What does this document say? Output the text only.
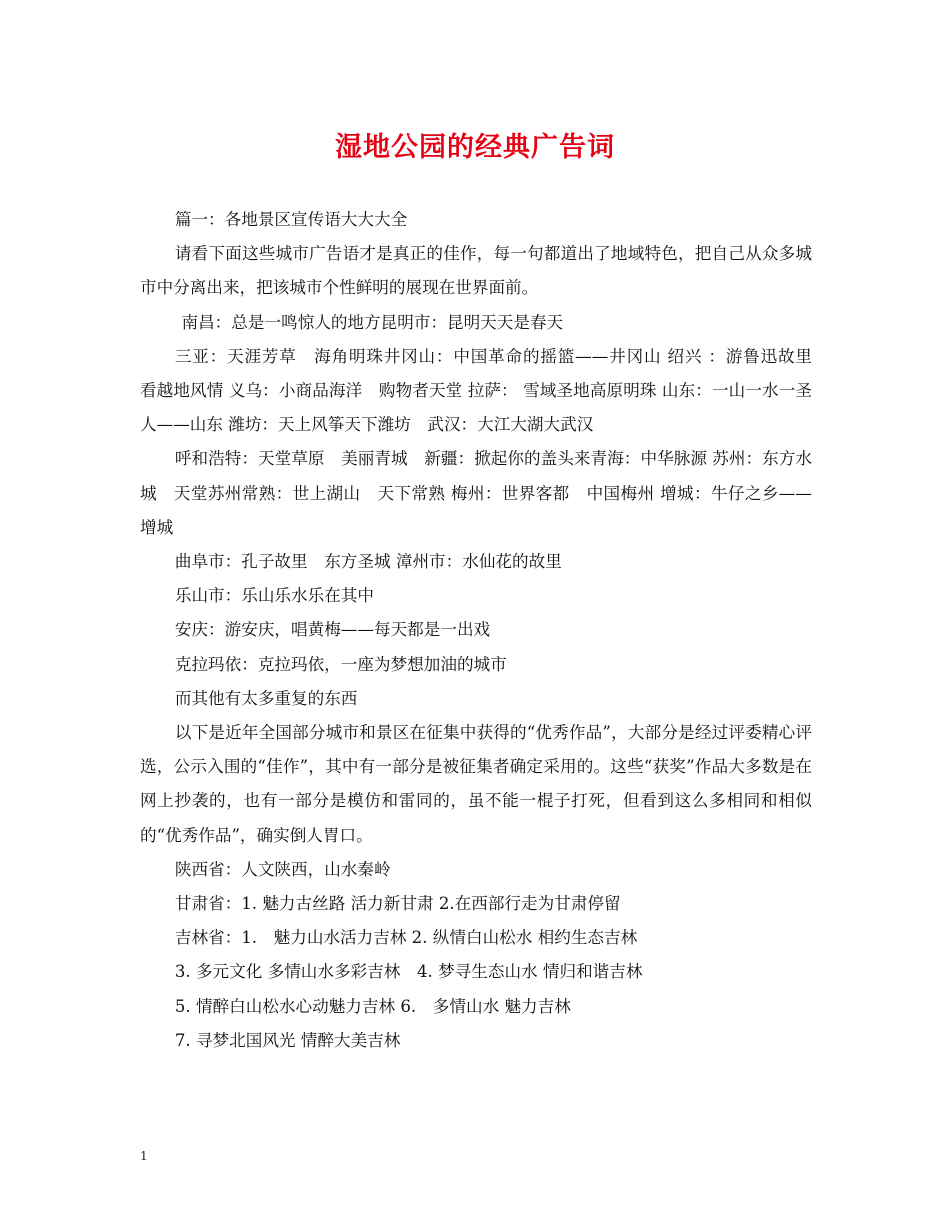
湿地公园的经典广告词

篇一：各地景区宣传语大大大全

请看下面这些城市广告语才是真正的佳作，每一句都道出了地域特色，把自己从众多城市中分离出来，把该城市个性鲜明的展现在世界面前。

南昌：总是一鸣惊人的地方昆明市：昆明天天是春天

三亚：天涯芳草　海角明珠井冈山：中国革命的摇篮——井冈山 绍兴 ：游鲁迅故里　看越地风情 义乌：小商品海洋　购物者天堂 拉萨： 雪域圣地高原明珠 山东：一山一水一圣人——山东 潍坊：天上风筝天下潍坊　武汉：大江大湖大武汉

呼和浩特：天堂草原　美丽青城　新疆：掀起你的盖头来青海：中华脉源 苏州：东方水城　天堂苏州常熟：世上湖山　天下常熟 梅州：世界客都　中国梅州 增城：牛仔之乡——增城

曲阜市：孔子故里　东方圣城 漳州市：水仙花的故里

乐山市：乐山乐水乐在其中

安庆：游安庆，唱黄梅——每天都是一出戏

克拉玛依：克拉玛依，一座为梦想加油的城市

而其他有太多重复的东西

以下是近年全国部分城市和景区在征集中获得的“优秀作品”，大部分是经过评委精心评选，公示入围的“佳作”，其中有一部分是被征集者确定采用的。这些“获奖”作品大多数是在网上抄袭的，也有一部分是模仿和雷同的，虽不能一棍子打死，但看到这么多相同和相似的“优秀作品”，确实倒人胃口。

陕西省：人文陕西，山水秦岭

甘肃省：1. 魅力古丝路 活力新甘肃 2.在西部行走为甘肃停留

吉林省：1.　魅力山水活力吉林 2. 纵情白山松水 相约生态吉林

3. 多元文化 多情山水多彩吉林　4. 梦寻生态山水 情归和谐吉林

5. 情醉白山松水心动魅力吉林 6.　多情山水 魅力吉林

7. 寻梦北国风光 情醉大美吉林

1
